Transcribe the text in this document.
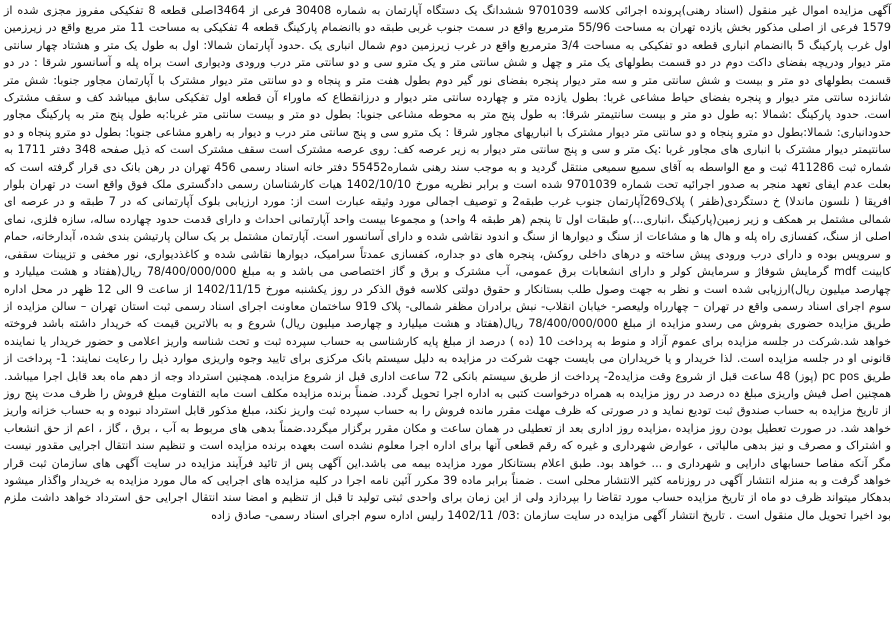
آگهی مزایده اموال غیر منقول (اسناد رهنی)پرونده اجرائی کلاسه 9701039 ششدانگ یک دستگاه آپارتمان به شماره 30408 فرعی از 3464اصلی قطعه 8 تفکیکی مفروز مجزی شده از 1579 فرعی از اصلی مذکور بخش یازده تهران به مساحت 55/96 مترمربع واقع در سمت جنوب غربی طبقه دو باانضمام پارکینگ قطعه 4 تفکیکی به مساحت 11 متر مربع واقع در زیرزمین اول غرب پارکینگ 5 باانضمام انباری قطعه دو تفکیکی به مساحت 3/4 مترمربع واقع در غرب زیرزمین دوم شمال انباری یک .حدود آپارتمان شمالا: اول به طول یک متر و هشتاد چهار سانتی متر دیوار ودریچه بفضای داکت دوم در دو قسمت بطولهای یک متر و چهل و شش سانتی متر و یک مترو سی و دو سانتی متر درب ورودی ودیواری است براه پله و آسانسور شرقا : در دو قسمت بطولهای دو متر و بیست و شش سانتی متر و سه متر دیوار پنجره بفضای نور گیر دوم بطول هفت متر و پنجاه و دو سانتی متر دیوار مشترک با آپارتمان مجاور جنوبا: شش متر شانزده سانتی متر دیوار و پنجره بفضای حیاط مشاعی غربا: بطول یازده متر و چهارده سانتی متر دیوار و درزانقطاع که ماوراء آن قطعه اول تفکیکی سابق میباشد کف و سقف مشترک است. حدود پارکینگ :شمالا :به طول دو متر و بیست سانتیمتر شرقا: به طول پنج متر به محوطه مشاعی جنوبا: بطول دو متر و بیست سانتی متر غربا:به طول پنج متر به پارکینگ مجاور حدودانباری: شمالا:بطول دو مترو پنجاه و دو سانتی متر دیوار مشترک با انباریهای مجاور شرقا : یک مترو سی و پنج سانتی متر درب و دیوار به راهرو مشاعی جنوبا: بطول دو مترو پنجاه و دو سانتیمتر دیوار مشترک با انباری های مجاور غربا :یک متر و سی و پنج سانتی متر دیوار به زیر عرصه کف: روی عرصه مشترک است سقف مشترک است که ذیل صفحه 348 دفتر 1711 به شماره ثبت 411286 ثبت و مع الواسطه به آقای سمیع سمیعی منتقل گردید و به موجب سند رهنی شماره55452 دفتر خانه اسناد رسمی 456 تهران در رهن بانک دی قرار گرفته است که بعلت عدم ایفای تعهد منجر به صدور اجرائیه تحت شماره 9701039 شده است و برابر نظریه مورخ 1402/10/10 هیات کارشناسان رسمی دادگستری ملک فوق واقع است در تهران بلوار افریقا ( نلسون ماندلا) خ دستگردی(ظفر ) پلاک269آپارتمان جنوب غرب طبقه2 و توصیف اجمالی مورد وثیقه عبارت است از: مورد ارزیابی بلوک آپارتمانی که در 7 طبقه و در عرصه ای شمالی مشتمل بر همکف و زیر زمین(پارکینگ ،انباری...)و طبقات اول تا پنجم (هر طبقه 4 واحد) و مجموعا بیست واحد آپارتمانی احداث و دارای قدمت حدود چهارده ساله، سازه فلزی، نمای اصلی از سنگ، کفسازی راه پله و هال ها و مشاعات از سنگ و دیوارها از سنگ و اندود نقاشی شده و دارای آسانسور است. آپارتمان مشتمل بر یک سالن پارتیشن بندی شده، آبدارخانه، حمام و سرویس بوده و دارای درب ورودی پیش ساخته و درهای داخلی روکش، پنجره های دو جداره، کفسازی عمدتاً سرامیک، دیوارها نقاشی شده و کاغذدیواری، نور مخفی و تزیینات سقفی، کابینت mdf گرمایش شوفاژ و سرمایش کولر و دارای انشعابات برق عمومی، آب مشترک و برق و گاز اختصاصی می باشد و به مبلغ 78/400/000/000 ریال(هفتاد و هشت میلیارد و چهارصد میلیون ریال)ارزیابی شده است و نظر به جهت وصول طلب بستانکار و حقوق دولتی کلاسه فوق الذکر در روز یکشنبه مورخ 1402/11/15 از ساعت 9 الی 12 ظهر در محل اداره سوم اجرای اسناد رسمی واقع در تهران – چهارراه ولیعصر- خیابان انقلاب- نبش برادران مظفر شمالی- پلاک 919 ساختمان معاونت اجرای اسناد رسمی ثبت استان تهران – سالن مزایده از طریق مزایده حضوری بفروش می رسدو مزایده از مبلغ 78/400/000/000 ریال(هفتاد و هشت میلیارد و چهارصد میلیون ریال) شروع و به بالاترین قیمت که خریدار داشته باشد فروخته خواهد شد.شرکت در جلسه مزایده برای عموم آزاد و منوط به پرداخت 10 (ده ) درصد از مبلغ پایه کارشناسی به حساب سپرده ثبت و تحت شناسه واریز اعلامی و حضور خریدار یا نماینده قانونی او در جلسه مزایده است. لذا خریدار و یا خریداران می بایست جهت شرکت در مزایده به دلیل سیستم بانک مرکزی برای تایید وجوه واریزی موارد ذیل را رعایت نمایند: 1- پرداخت از طریق pc pos (پوز) 48 ساعت قبل از شروع وقت مزایده2- پرداخت از طریق سیستم بانکی 72 ساعت اداری قبل از شروع مزایده. همچنین استرداد وجه از دهم ماه بعد قابل اجرا میباشد. همچنین اصل فیش واریزی مبلغ ده درصد در روز مزایده به همراه درخواست کتبی به اداره اجرا تحویل گردد. ضمناً برنده مزایده مکلف است مابه التفاوت مبلغ فروش را ظرف مدت پنج روز از تاریخ مزایده به حساب صندوق ثبت تودیع نماید و در صورتی که ظرف مهلت مقرر مانده فروش را به حساب سپرده ثبت واریز نکند، مبلغ مذکور قابل استرداد نبوده و به حساب خزانه واریز خواهد شد. در صورت تعطیل بودن روز مزایده ،مزایده روز اداری بعد از تعطیلی در همان ساعت و مکان مقرر برگزار میگردد.ضمناً بدهی های مربوط به آب ، برق ، گاز ، اعم از حق انشعاب و اشتراک و مصرف و نیز بدهی مالیاتی ، عوارض شهرداری و غیره که رقم قطعی آنها برای اداره اجرا معلوم نشده است بعهده برنده مزایده است و تنظیم سند انتقال اجرایی مقدور نیست مگر آنکه مفاصا حسابهای دارایی و شهرداری و ... خواهد بود. طبق اعلام بستانکار مورد مزایده بیمه می باشد.این آگهی پس از تائید فرآیند مزایده در سایت آگهی های سازمان ثبت قرار خواهد گرفت و به منزله انتشار آگهی در روزنامه کثیر الانتشار محلی است . ضمناً برابر ماده 39 مکرر آئین نامه اجرا در کلیه مزایده های اجرایی که مال مورد مزایده به خریدار واگذار میشود بدهکار میتواند ظرف دو ماه از تاریخ مزایده حساب مورد تقاضا را بپردازد ولی از این زمان برای واحدی ثبتی تولید تا قبل از تنظیم و امضا سند انتقال اجرایی حق استرداد خواهد داشت ملزم بود اخیرا تحویل مال منقول است . تاریخ انتشار آگهی مزایده در سایت سازمان :03/ 1402/11 رلیس اداره سوم اجرای اسناد رسمی- صادق زاده
